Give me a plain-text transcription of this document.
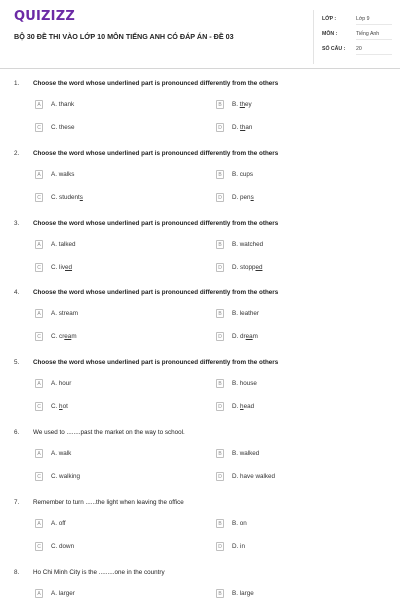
QUIZIZZ
BỘ 30 ĐỀ THI VÀO LỚP 10 MÔN TIẾNG ANH CÓ ĐÁP ÁN - ĐỀ 03
LỚP :	Lớp 9
MÔN :	Tiếng Anh
SỐ CÂU :	20
1. Choose the word whose underlined part is pronounced differently from the others
A	A. thank	B	B. they
C	C. these	D	D. than
2. Choose the word whose underlined part is pronounced differently from the others
A	A. walks	B	B. cups
C	C. students	D	D. pens
3. Choose the word whose underlined part is pronounced differently from the others
A	A. talked	B	B. watched
C	C. lived	D	D. stopped
4. Choose the word whose underlined part is pronounced differently from the others
A	A. stream	B	B. leather
C	C. cream	D	D. dream
5. Choose the word whose underlined part is pronounced differently from the others
A	A. hour	B	B. house
C	C. hot	D	D. head
6. We used to ........past the market on the way to school.
A	A. walk	B	B. walked
C	C. walking	D	D. have walked
7. Remember to turn ......the light when leaving the office
A	A. off	B	B. on
C	C. down	D	D. in
8. Ho Chi Minh City is the .........one in the country
A	A. larger	B	B. large
